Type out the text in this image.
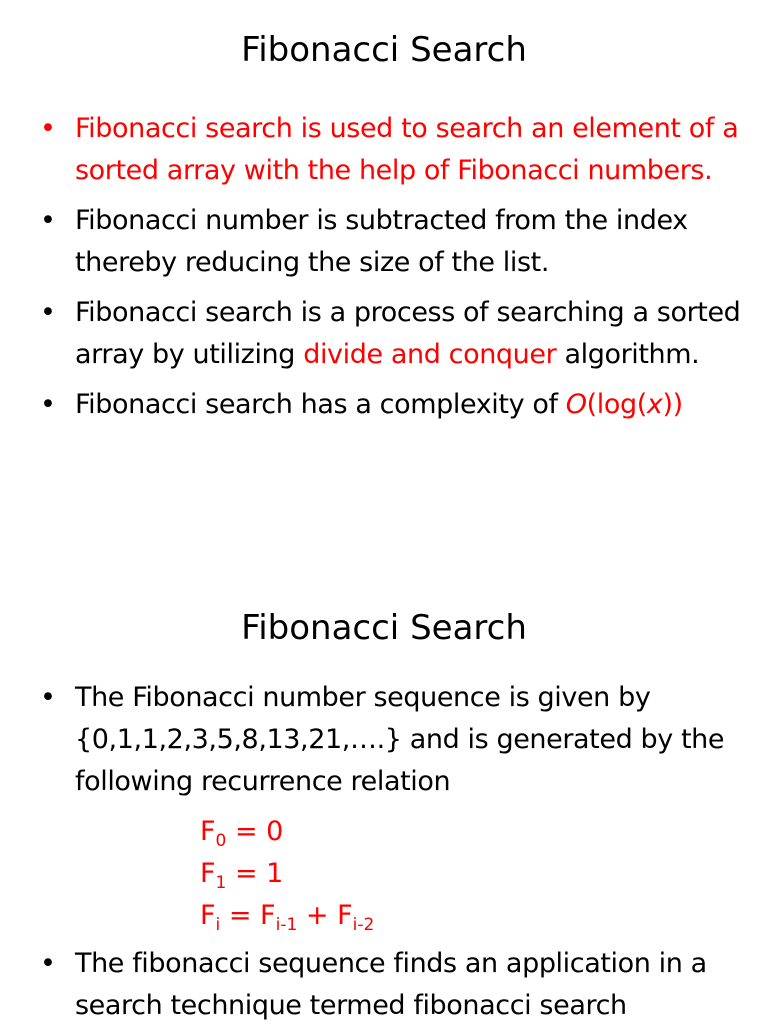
Fibonacci Search
• Fibonacci search is used to search an element of a sorted array with the help of Fibonacci numbers.
• Fibonacci number is subtracted from the index thereby reducing the size of the list.
• Fibonacci search is a process of searching a sorted array by utilizing divide and conquer algorithm.
• Fibonacci search has a complexity of O(log(x))
Fibonacci Search
• The Fibonacci number sequence is given by {0,1,1,2,3,5,8,13,21,….} and is generated by the following recurrence relation
$F_0 = 0$
$F_1 = 1$
$F_i = F_{i-1} + F_{i-2}$
• The fibonacci sequence finds an application in a search technique termed fibonacci search
